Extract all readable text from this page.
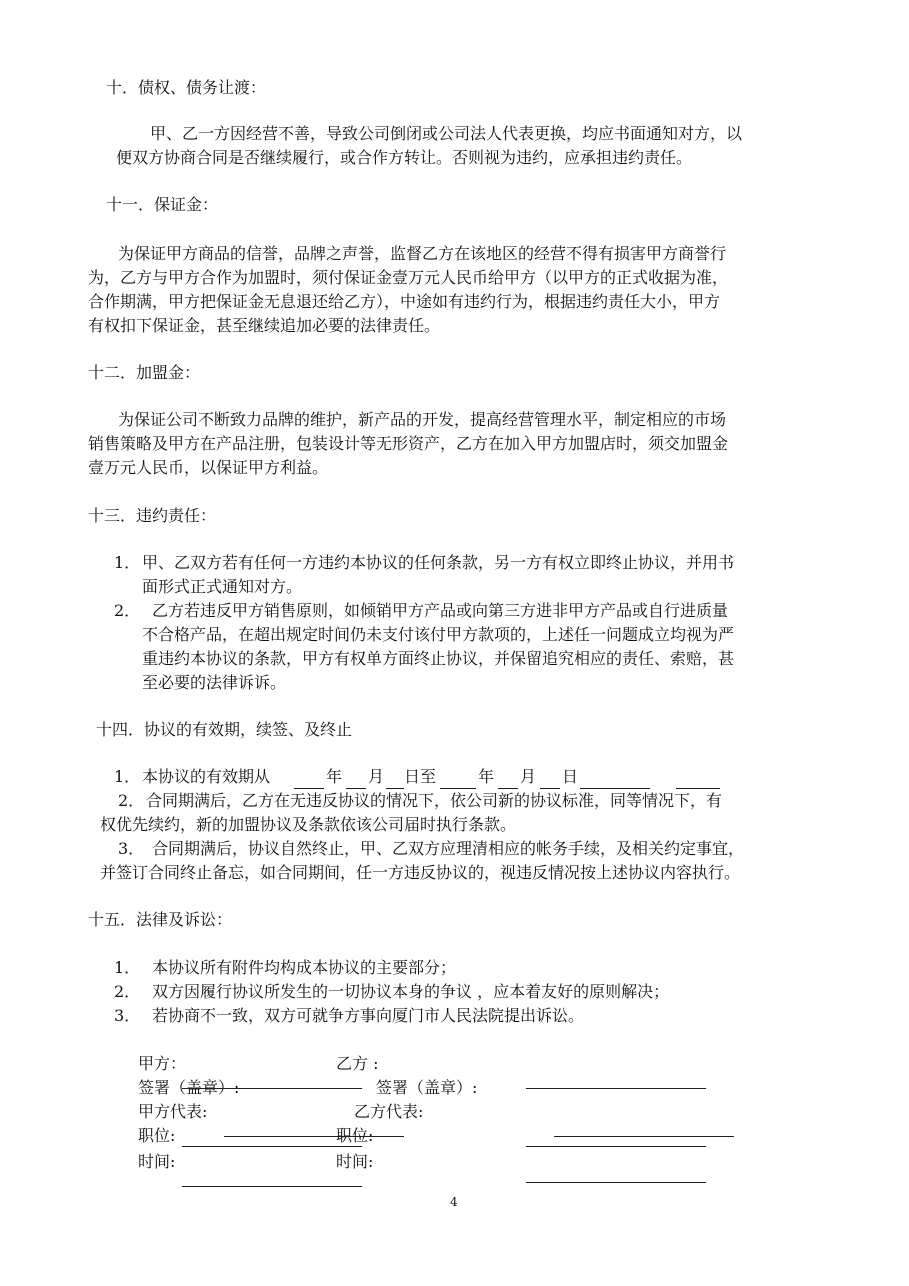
十．债权、债务让渡：
甲、乙一方因经营不善，导致公司倒闭或公司法人代表更换，均应书面通知对方，以
便双方协商合同是否继续履行，或合作方转让。否则视为违约，应承担违约责任。
十一．保证金：
为保证甲方商品的信誉，品牌之声誉，监督乙方在该地区的经营不得有损害甲方商誉行
为，乙方与甲方合作为加盟时，须付保证金壹万元人民币给甲方（以甲方的正式收据为准，
合作期满，甲方把保证金无息退还给乙方），中途如有违约行为，根据违约责任大小，甲方
有权扣下保证金，甚至继续追加必要的法律责任。
十二．加盟金：
为保证公司不断致力品牌的维护，新产品的开发，提高经营管理水平，制定相应的市场
销售策略及甲方在产品注册，包装设计等无形资产，乙方在加入甲方加盟店时，须交加盟金
壹万元人民币，以保证甲方利益。
十三．违约责任：
1． 甲、乙双方若有任何一方违约本协议的任何条款，另一方有权立即终止协议，并用书
面形式正式通知对方。
2． 乙方若违反甲方销售原则，如倾销甲方产品或向第三方进非甲方产品或自行进质量
不合格产品，在超出规定时间仍未支付该付甲方款项的，上述任一问题成立均视为严
重违约本协议的条款，甲方有权单方面终止协议，并保留追究相应的责任、索赔，甚
至必要的法律诉诉。
十四．协议的有效期，续签、及终止
1． 本协议的有效期从	年 月 日至	年 月 日
2． 合同期满后，乙方在无违反协议的情况下，依公司新的协议标准，同等情况下，有
权优先续约，新的加盟协议及条款依该公司届时执行条款。
3． 合同期满后，协议自然终止，甲、乙双方应理清相应的帐务手续，及相关约定事宜，
并签订合同终止备忘，如合同期间，任一方违反协议的，视违反情况按上述协议内容执行。
十五．法律及诉讼：
1． 本协议所有附件均构成本协议的主要部分；
2． 双方因履行协议所发生的一切协议本身的争议 ，应本着友好的原则解决；
3． 若协商不一致，双方可就争方事向厦门市人民法院提出诉讼。
甲方：	乙方 :
签署（盖章）:	签署（盖章）:
甲方代表:	乙方代表:
职位:	职位:
时间:	时间:
4
